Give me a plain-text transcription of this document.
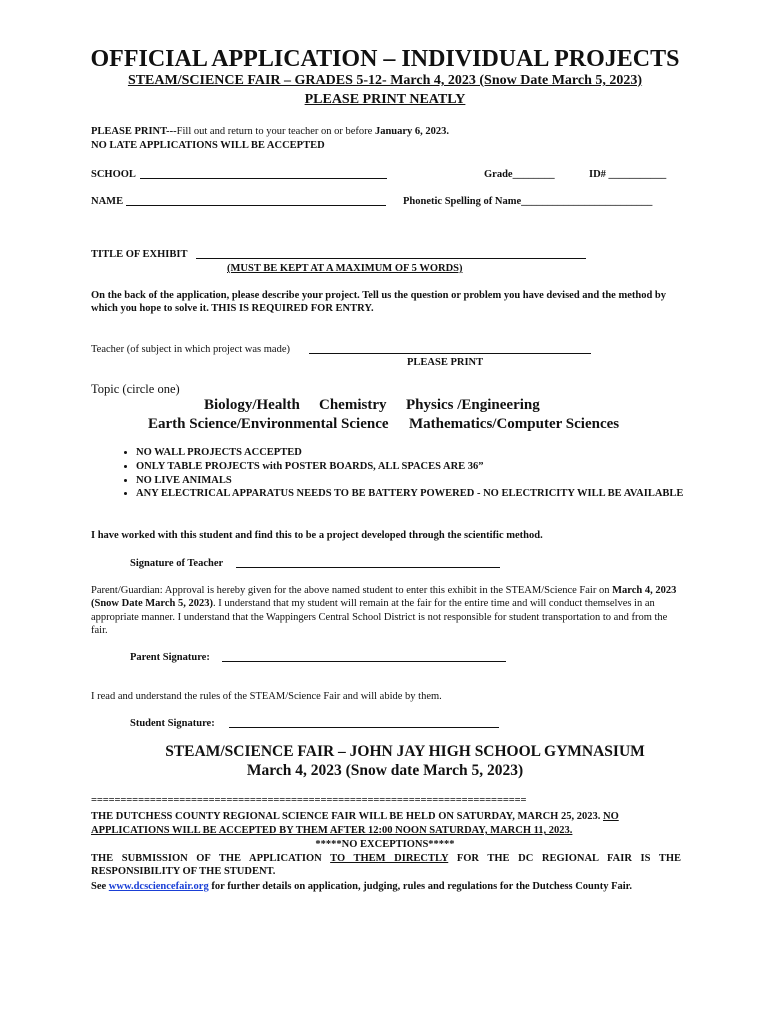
OFFICIAL APPLICATION – INDIVIDUAL PROJECTS
STEAM/SCIENCE FAIR – GRADES 5-12- March 4, 2023 (Snow Date March 5, 2023)
PLEASE PRINT NEATLY
PLEASE PRINT---Fill out and return to your teacher on or before January 6, 2023.
NO LATE APPLICATIONS WILL BE ACCEPTED
SCHOOL	Grade________	ID# ___________
NAME	Phonetic Spelling of Name_________________________
TITLE OF EXHIBIT
(MUST BE KEPT AT A MAXIMUM OF 5 WORDS)
On the back of the application, please describe your project. Tell us the question or problem you have devised and the method by which you hope to solve it. THIS IS REQUIRED FOR ENTRY.
Teacher (of subject in which project was made)
PLEASE PRINT
Topic (circle one)
Biology/Health Chemistry Physics /Engineering
Earth Science/Environmental Science Mathematics/Computer Sciences
• NO WALL PROJECTS ACCEPTED
• ONLY TABLE PROJECTS with POSTER BOARDS, ALL SPACES ARE 36”
• NO LIVE ANIMALS
• ANY ELECTRICAL APPARATUS NEEDS TO BE BATTERY POWERED - NO ELECTRICITY WILL BE AVAILABLE
I have worked with this student and find this to be a project developed through the scientific method.
Signature of Teacher
Parent/Guardian: Approval is hereby given for the above named student to enter this exhibit in the STEAM/Science Fair on March 4, 2023 (Snow Date March 5, 2023). I understand that my student will remain at the fair for the entire time and will conduct themselves in an appropriate manner. I understand that the Wappingers Central School District is not responsible for student transportation to and from the fair.
Parent Signature:
I read and understand the rules of the STEAM/Science Fair and will abide by them.
Student Signature:
STEAM/SCIENCE FAIR – JOHN JAY HIGH SCHOOL GYMNASIUM
March 4, 2023 (Snow date March 5, 2023)
==========================================================================
THE DUTCHESS COUNTY REGIONAL SCIENCE FAIR WILL BE HELD ON SATURDAY, MARCH 25, 2023. NO
APPLICATIONS WILL BE ACCEPTED BY THEM AFTER 12:00 NOON SATURDAY, MARCH 11, 2023.
*****NO EXCEPTIONS*****
THE SUBMISSION OF THE APPLICATION TO THEM DIRECTLY FOR THE DC REGIONAL FAIR IS THE RESPONSIBILITY OF THE STUDENT.
See www.dcsciencefair.org for further details on application, judging, rules and regulations for the Dutchess County Fair.
